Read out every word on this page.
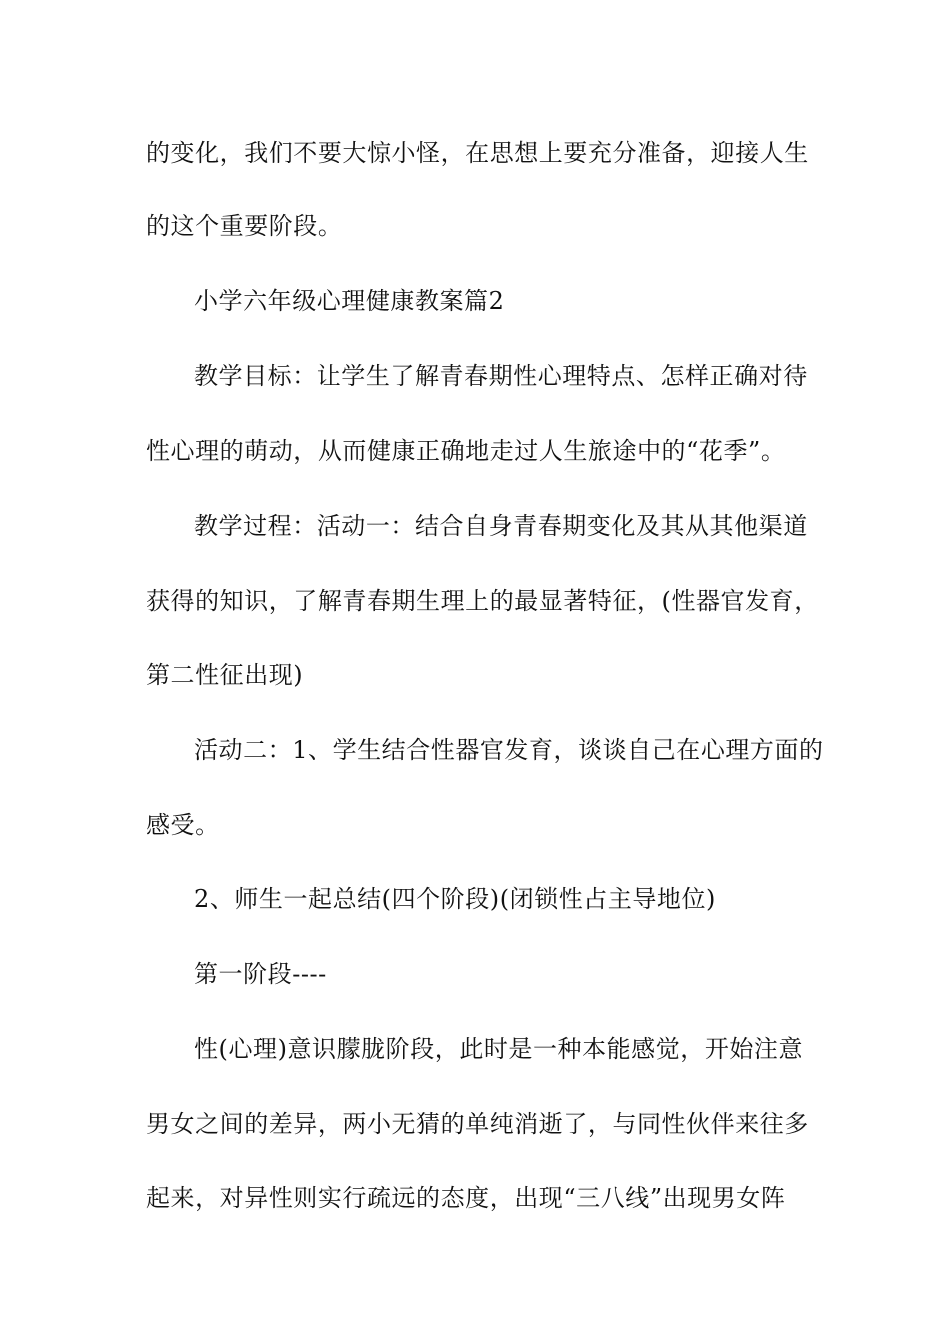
的变化，我们不要大惊小怪，在思想上要充分准备，迎接人生
的这个重要阶段。
小学六年级心理健康教案篇2
教学目标：让学生了解青春期性心理特点、怎样正确对待
性心理的萌动，从而健康正确地走过人生旅途中的“花季”。
教学过程：活动一：结合自身青春期变化及其从其他渠道
获得的知识，了解青春期生理上的最显著特征，(性器官发育，
第二性征出现)
活动二：1、学生结合性器官发育，谈谈自己在心理方面的
感受。
2、师生一起总结(四个阶段)(闭锁性占主导地位)
第一阶段----
性(心理)意识朦胧阶段，此时是一种本能感觉，开始注意
男女之间的差异，两小无猜的单纯消逝了，与同性伙伴来往多
起来，对异性则实行疏远的态度，出现“三八线”出现男女阵
